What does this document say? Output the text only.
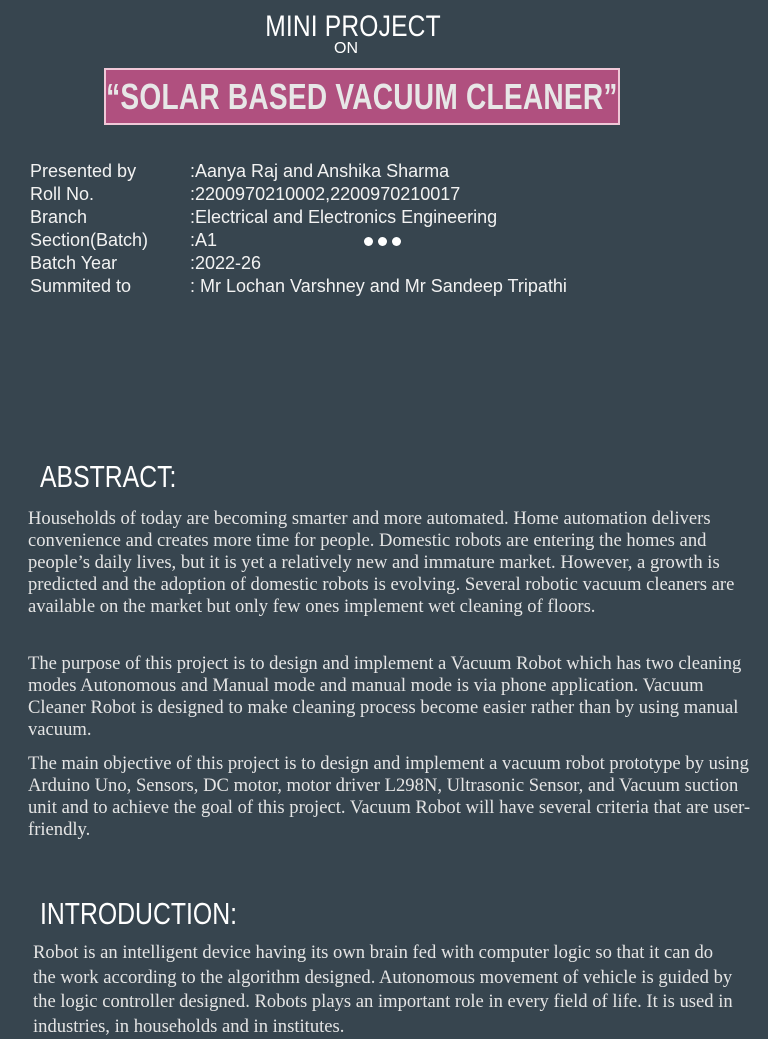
MINI PROJECT
ON
“SOLAR BASED VACUUM CLEANER”
Presented by	:Aanya Raj and Anshika Sharma
Roll No.	:2200970210002,2200970210017
Branch	:Electrical and Electronics Engineering
Section(Batch)	:A1
Batch Year	:2022-26
Summited to	: Mr Lochan Varshney and Mr Sandeep Tripathi
ABSTRACT:

Households of today are becoming smarter and more automated. Home automation delivers convenience and creates more time for people. Domestic robots are entering the homes and people’s daily lives, but it is yet a relatively new and immature market. However, a growth is predicted and the adoption of domestic robots is evolving. Several robotic vacuum cleaners are available on the market but only few ones implement wet cleaning of floors.

The purpose of this project is to design and implement a Vacuum Robot which has two cleaning modes Autonomous and Manual mode and manual mode is via phone application. Vacuum Cleaner Robot is designed to make cleaning process become easier rather than by using manual vacuum.

The main objective of this project is to design and implement a vacuum robot prototype by using Arduino Uno, Sensors, DC motor, motor driver L298N, Ultrasonic Sensor, and Vacuum suction unit and to achieve the goal of this project. Vacuum Robot will have several criteria that are user-friendly.

INTRODUCTION:

Robot is an intelligent device having its own brain fed with computer logic so that it can do the work according to the algorithm designed. Autonomous movement of vehicle is guided by the logic controller designed. Robots plays an important role in every field of life. It is used in industries, in households and in institutes.
